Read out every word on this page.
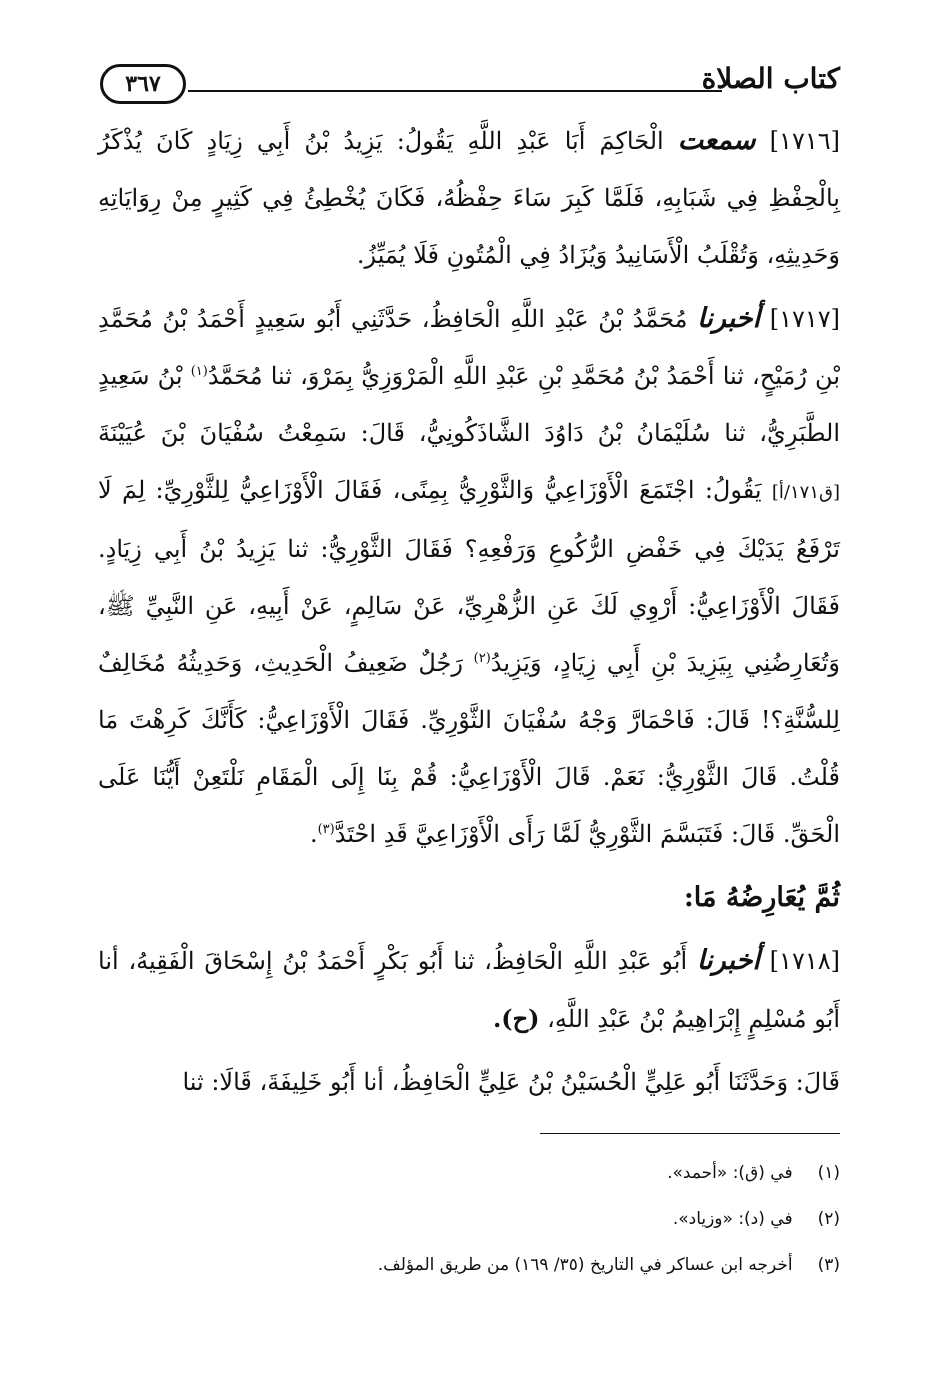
٣٦٧	كتاب الصلاة

[١٧١٦] سمعت الْحَاكِمَ أَبَا عَبْدِ اللَّهِ يَقُولُ: يَزِيدُ بْنُ أَبِي زِيَادٍ كَانَ يُذْكَرُ بِالْحِفْظِ فِي شَبَابِهِ، فَلَمَّا كَبِرَ سَاءَ حِفْظُهُ، فَكَانَ يُخْطِئُ فِي كَثِيرٍ مِنْ رِوَايَاتِهِ وَحَدِيثِهِ، وَتُقْلَبُ الْأَسَانِيدُ وَيُزَادُ فِي الْمُتُونِ فَلَا يُمَيِّزُ.

[١٧١٧] أخبرنا مُحَمَّدُ بْنُ عَبْدِ اللَّهِ الْحَافِظُ، حَدَّثَنِي أَبُو سَعِيدٍ أَحْمَدُ بْنُ مُحَمَّدِ بْنِ رُمَيْحٍ، ثنا أَحْمَدُ بْنُ مُحَمَّدِ بْنِ عَبْدِ اللَّهِ الْمَرْوَزِيُّ بِمَرْوَ، ثنا مُحَمَّدُ$^{(١)}$ بْنُ سَعِيدٍ الطَّبَرِيُّ، ثنا سُلَيْمَانُ بْنُ دَاوُدَ الشَّاذَكُونِيُّ، قَالَ: سَمِعْتُ سُفْيَانَ بْنَ عُيَيْنَةَ [ق١٧١/أ] يَقُولُ: اجْتَمَعَ الْأَوْزَاعِيُّ وَالثَّوْرِيُّ بِمِنًى، فَقَالَ الْأَوْزَاعِيُّ لِلثَّوْرِيِّ: لِمَ لَا تَرْفَعُ يَدَيْكَ فِي خَفْضِ الرُّكُوعِ وَرَفْعِهِ؟ فَقَالَ الثَّوْرِيُّ: ثنا يَزِيدُ بْنُ أَبِي زِيَادٍ. فَقَالَ الْأَوْزَاعِيُّ: أَرْوِي لَكَ عَنِ الزُّهْرِيِّ، عَنْ سَالِمٍ، عَنْ أَبِيهِ، عَنِ النَّبِيِّ ﷺ، وَتُعَارِضُنِي بِيَزِيدَ بْنِ أَبِي زِيَادٍ، وَيَزِيدُ$^{(٢)}$ رَجُلٌ ضَعِيفُ الْحَدِيثِ، وَحَدِيثُهُ مُخَالِفٌ لِلسُّنَّةِ؟! قَالَ: فَاحْمَارَّ وَجْهُ سُفْيَانَ الثَّوْرِيِّ. فَقَالَ الْأَوْزَاعِيُّ: كَأَنَّكَ كَرِهْتَ مَا قُلْتُ. قَالَ الثَّوْرِيُّ: نَعَمْ. قَالَ الْأَوْزَاعِيُّ: قُمْ بِنَا إِلَى الْمَقَامِ نَلْتَعِنْ أَيُّنَا عَلَى الْحَقِّ. قَالَ: فَتَبَسَّمَ الثَّوْرِيُّ لَمَّا رَأَى الْأَوْزَاعِيَّ قَدِ احْتَدَّ$^{(٣)}$.

ثُمَّ يُعَارِضُهُ مَا:

[١٧١٨] أخبرنا أَبُو عَبْدِ اللَّهِ الْحَافِظُ، ثنا أَبُو بَكْرٍ أَحْمَدُ بْنُ إِسْحَاقَ الْفَقِيهُ، أنا أَبُو مُسْلِمٍ إِبْرَاهِيمُ بْنُ عَبْدِ اللَّهِ، (ح).

قَالَ: وَحَدَّثَنَا أَبُو عَلِيٍّ الْحُسَيْنُ بْنُ عَلِيٍّ الْحَافِظُ، أنا أَبُو خَلِيفَةَ، قَالَا: ثنا

(١) في (ق): «أحمد».
(٢) في (د): «وزياد».
(٣) أخرجه ابن عساكر في التاريخ (٣٥/ ١٦٩) من طريق المؤلف.
